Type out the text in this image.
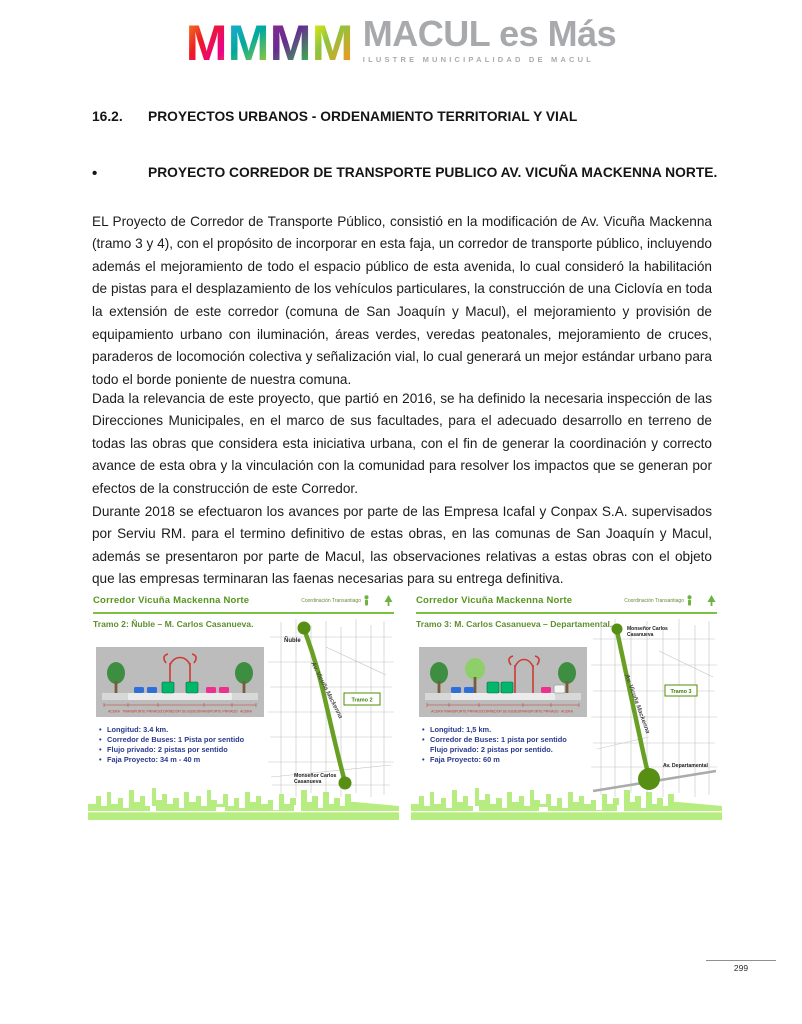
M M M M MACUL es Más
ILUSTRE MUNICIPALIDAD DE MACUL
16.2.	PROYECTOS URBANOS - ORDENAMIENTO TERRITORIAL Y VIAL
•	PROYECTO CORREDOR DE TRANSPORTE PUBLICO AV. VICUÑA MACKENNA NORTE.

EL Proyecto de Corredor de Transporte Público, consistió en la modificación de Av. Vicuña Mackenna (tramo 3 y 4), con el propósito de incorporar en esta faja, un corredor de transporte público, incluyendo además el mejoramiento de todo el espacio público de esta avenida, lo cual consideró la habilitación de pistas para el desplazamiento de los vehículos particulares, la construcción de una Ciclovía en toda la extensión de este corredor (comuna de San Joaquín y Macul), el mejoramiento y provisión de equipamiento urbano con iluminación, áreas verdes, veredas peatonales, mejoramiento de cruces, paraderos de locomoción colectiva y señalización vial, lo cual generará un mejor estándar urbano para todo el borde poniente de nuestra comuna.

Dada la relevancia de este proyecto, que partió en 2016, se ha definido la necesaria inspección de las Direcciones Municipales, en el marco de sus facultades, para el adecuado desarrollo en terreno de todas las obras que considera esta iniciativa urbana, con el fin de generar la coordinación y correcto avance de esta obra y la vinculación con la comunidad para resolver los impactos que se generan por efectos de la construcción de este Corredor.

Durante 2018 se efectuaron los avances por parte de las Empresa Icafal y Conpax S.A. supervisados por Serviu RM. para el termino definitivo de estas obras, en las comunas de San Joaquín y Macul, además se presentaron por parte de Macul, las observaciones relativas a estas obras con el objeto que las empresas terminaran las faenas necesarias para su entrega definitiva.

Corredor Vicuña Mackenna Norte	Coordinación Transantiago
Tramo 2: Ñuble – M. Carlos Casanueva.
ACERA TRANSPORTE PRIVADO CORREDOR DE BUSES TRANSPORTE PRIVADO ACERA
• Longitud: 3.4 km.
• Corredor de Buses: 1 Pista por sentido
• Flujo privado: 2 pistas por sentido
• Faja Proyecto: 34 m - 40 m
Ñuble
Av. Vicuña Mackenna Tramo 2
Monseñor Carlos Casanueva
Corredor Vicuña Mackenna Norte	Coordinación Transantiago
Tramo 3: M. Carlos Casanueva – Departamental.
ACERA TRANSPORTE PRIVADO CORREDOR DE BUSES TRANSPORTE PRIVADO ACERA
• Longitud: 1,5 km.
• Corredor de Buses: 1 pista por sentido
Flujo privado: 2 pistas por sentido.
• Faja Proyecto: 60 m
Monseñor Carlos Casanueva
Av. Vicuña Mackenna	Tramo 3
Av. Departamental
299
